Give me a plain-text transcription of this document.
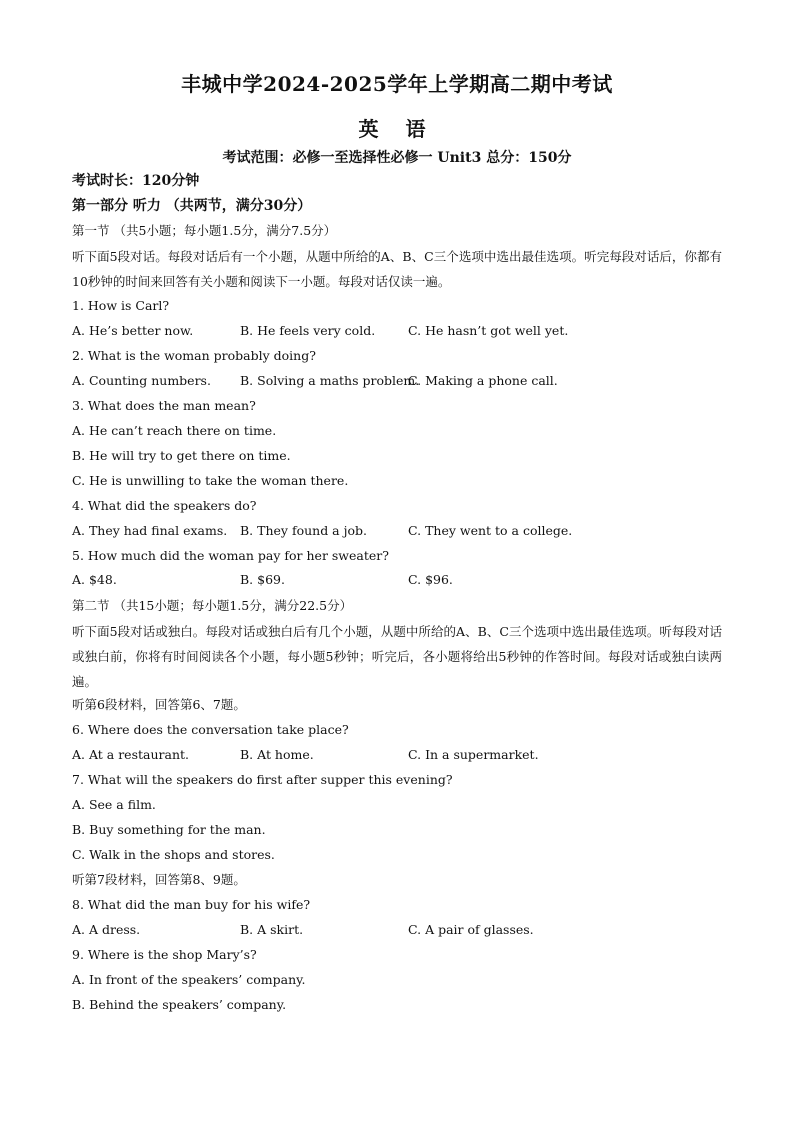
丰城中学2024-2025学年上学期高二期中考试
英 语
考试范围：必修一至选择性必修一 Unit3 总分：150分
考试时长：120分钟
第一部分 听力 （共两节，满分30分）
第一节 （共5小题；每小题1.5分，满分7.5分）
听下面5段对话。每段对话后有一个小题，从题中所给的A、B、C三个选项中选出最佳选项。听完每段对话后，你都有10秒钟的时间来回答有关小题和阅读下一小题。每段对话仅读一遍。
1. How is Carl?
A. He’s better now.	B. He feels very cold.	C. He hasn’t got well yet.
2. What is the woman probably doing?
A. Counting numbers. B. Solving a maths problem.
C. Making a phone call.
3. What does the man mean?
A. He can’t reach there on time.
B. He will try to get there on time.
C. He is unwilling to take the woman there.
4. What did the speakers do?
A. They had final exams. B. They found a job.	C. They went to a college.
5. How much did the woman pay for her sweater?
A. $48.	B. $69.	C. $96.
第二节 （共15小题；每小题1.5分，满分22.5分）
听下面5段对话或独白。每段对话或独白后有几个小题，从题中所给的A、B、C三个选项中选出最佳选项。听每段对话或独白前，你将有时间阅读各个小题，每小题5秒钟；听完后，各小题将给出5秒钟的作答时间。每段对话或独白读两遍。
听第6段材料，回答第6、7题。
6. Where does the conversation take place?
A. At a restaurant.	B. At home.	C. In a supermarket.
7. What will the speakers do first after supper this evening?
A. See a film.
B. Buy something for the man.
C. Walk in the shops and stores.
听第7段材料，回答第8、9题。
8. What did the man buy for his wife?
A. A dress.	B. A skirt.	C. A pair of glasses.
9. Where is the shop Mary’s?
A. In front of the speakers’ company.
B. Behind the speakers’ company.
